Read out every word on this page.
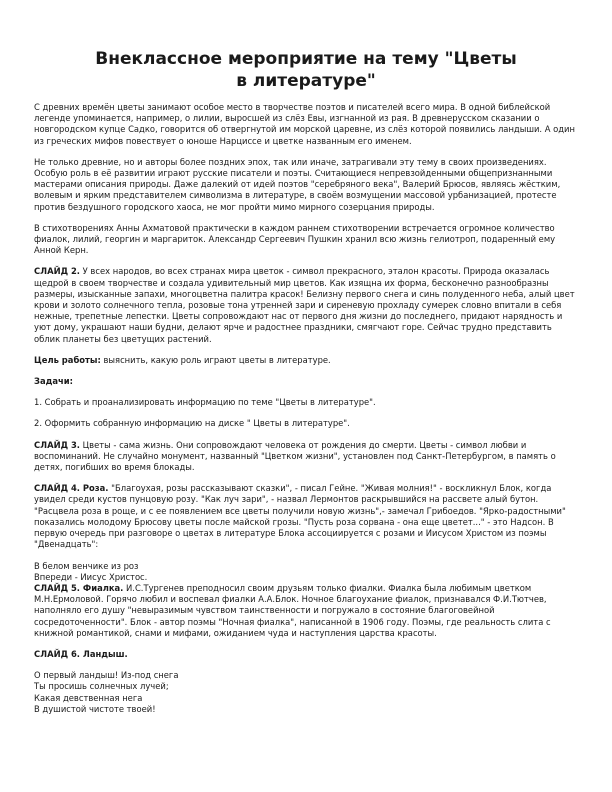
Внеклассное мероприятие на тему "Цветы в литературе"

С древних времён цветы занимают особое место в творчестве поэтов и писателей всего мира. В одной библейской легенде упоминается, например, о лилии, выросшей из слёз Евы, изгнанной из рая. В древнерусском сказании о новгородском купце Садко, говорится об отвергнутой им морской царевне, из слёз которой появились ландыши. А один из греческих мифов повествует о юноше Нарциссе и цветке названным его именем.

Не только древние, но и авторы более поздних эпох, так или иначе, затрагивали эту тему в своих произведениях. Особую роль в её развитии играют русские писатели и поэты. Считающиеся непревзойденными общепризнанными мастерами описания природы. Даже далекий от идей поэтов "серебряного века", Валерий Брюсов, являясь жёстким, волевым и ярким представителем символизма в литературе, в своём возмущении массовой урбанизацией, протесте против бездушного городского хаоса, не мог пройти мимо мирного созерцания природы.

В стихотворениях Анны Ахматовой практически в каждом раннем стихотворении встречается огромное количество фиалок, лилий, георгин и маргариток. Александр Сергеевич Пушкин хранил всю жизнь гелиотроп, подаренный ему Анной Керн.

СЛАЙД 2. У всех народов, во всех странах мира цветок - символ прекрасного, эталон красоты. Природа оказалась щедрой в своем творчестве и создала удивительный мир цветов. Как изящна их форма, бесконечно разнообразны размеры, изысканные запахи, многоцветна палитра красок! Белизну первого снега и синь полуденного неба, алый цвет крови и золото солнечного тепла, розовые тона утренней зари и сиреневую прохладу сумерек словно впитали в себя нежные, трепетные лепестки. Цветы сопровождают нас от первого дня жизни до последнего, придают нарядность и уют дому, украшают наши будни, делают ярче и радостнее праздники, смягчают горе. Сейчас трудно представить облик планеты без цветущих растений.

Цель работы: выяснить, какую роль играют цветы в литературе.

Задачи:

1. Собрать и проанализировать информацию по теме "Цветы в литературе".

2. Оформить собранную информацию на диске " Цветы в литературе".

СЛАЙД 3. Цветы - сама жизнь. Они сопровождают человека от рождения до смерти. Цветы - символ любви и воспоминаний. Не случайно монумент, названный "Цветком жизни", установлен под Санкт-Петербургом, в память о детях, погибших во время блокады.

СЛАЙД 4. Роза. "Благоухая, розы рассказывают сказки", - писал Гейне. "Живая молния!" - воскликнул Блок, когда увидел среди кустов пунцовую розу. "Как луч зари", - назвал Лермонтов раскрывшийся на рассвете алый бутон. "Расцвела роза в роще, и с ее появлением все цветы получили новую жизнь",- замечал Грибоедов. "Ярко-радостными" показались молодому Брюсову цветы после майской грозы. "Пусть роза сорвана - она еще цветет..." - это Надсон. В первую очередь при разговоре о цветах в литературе Блока ассоциируется с розами и Иисусом Христом из поэмы "Двенадцать":

В белом венчике из роз
Впереди - Иисус Христос.

СЛАЙД 5. Фиалка. И.С.Тургенев преподносил своим друзьям только фиалки. Фиалка была любимым цветком М.Н.Ермоловой. Горячо любил и воспевал фиалки А.А.Блок. Ночное благоухание фиалок, признавался Ф.И.Тютчев, наполняло его душу "невыразимым чувством таинственности и погружало в состояние благоговейной сосредоточенности". Блок - автор поэмы "Ночная фиалка", написанной в 1906 году. Поэмы, где реальность слита с книжной романтикой, снами и мифами, ожиданием чуда и наступления царства красоты.

СЛАЙД 6. Ландыш.

О первый ландыш! Из-под снега
Ты просишь солнечных лучей;
Какая девственная нега
В душистой чистоте твоей!
